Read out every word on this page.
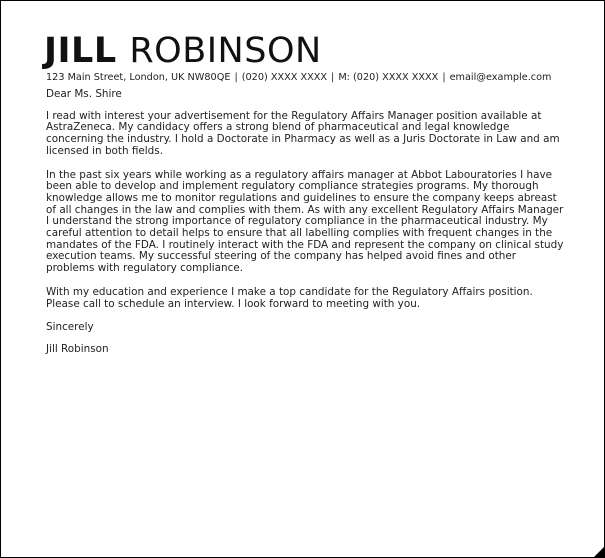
JILL ROBINSON
123 Main Street, London, UK NW80QE | (020) XXXX XXXX | M: (020) XXXX XXXX | email@example.com

Dear Ms. Shire

I read with interest your advertisement for the Regulatory Affairs Manager position available at AstraZeneca. My candidacy offers a strong blend of pharmaceutical and legal knowledge concerning the industry. I hold a Doctorate in Pharmacy as well as a Juris Doctorate in Law and am licensed in both fields.

In the past six years while working as a regulatory affairs manager at Abbot Labouratories I have been able to develop and implement regulatory compliance strategies programs. My thorough knowledge allows me to monitor regulations and guidelines to ensure the company keeps abreast of all changes in the law and complies with them. As with any excellent Regulatory Affairs Manager I understand the strong importance of regulatory compliance in the pharmaceutical industry. My careful attention to detail helps to ensure that all labelling complies with frequent changes in the mandates of the FDA. I routinely interact with the FDA and represent the company on clinical study execution teams. My successful steering of the company has helped avoid fines and other problems with regulatory compliance.

With my education and experience I make a top candidate for the Regulatory Affairs position. Please call to schedule an interview. I look forward to meeting with you.

Sincerely

Jill Robinson
